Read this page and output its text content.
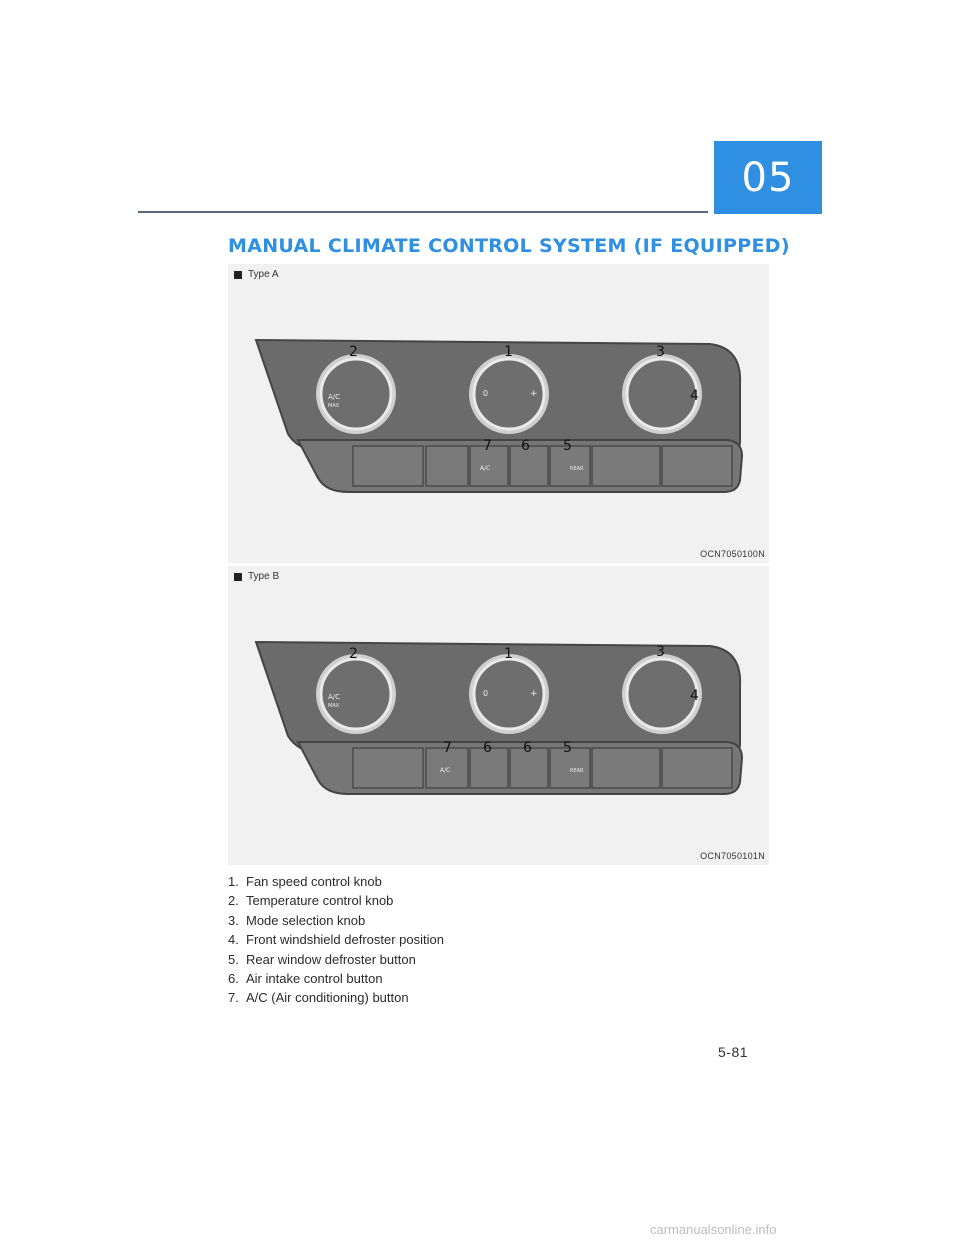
05
MANUAL CLIMATE CONTROL SYSTEM (IF EQUIPPED)
Type A
A/C
MAX
0	+
A/C	REAR
2	1	3
4
7 6 5
OCN7050100N
Type B
A/C
MAX
0	+
A/C	REAR
2	1	3
4
7 6 6 5
OCN7050101N
1. Fan speed control knob
2. Temperature control knob
3. Mode selection knob
4. Front windshield defroster position
5. Rear window defroster button
6. Air intake control button
7. A/C (Air conditioning) button
5-81
carmanualsonline.info
